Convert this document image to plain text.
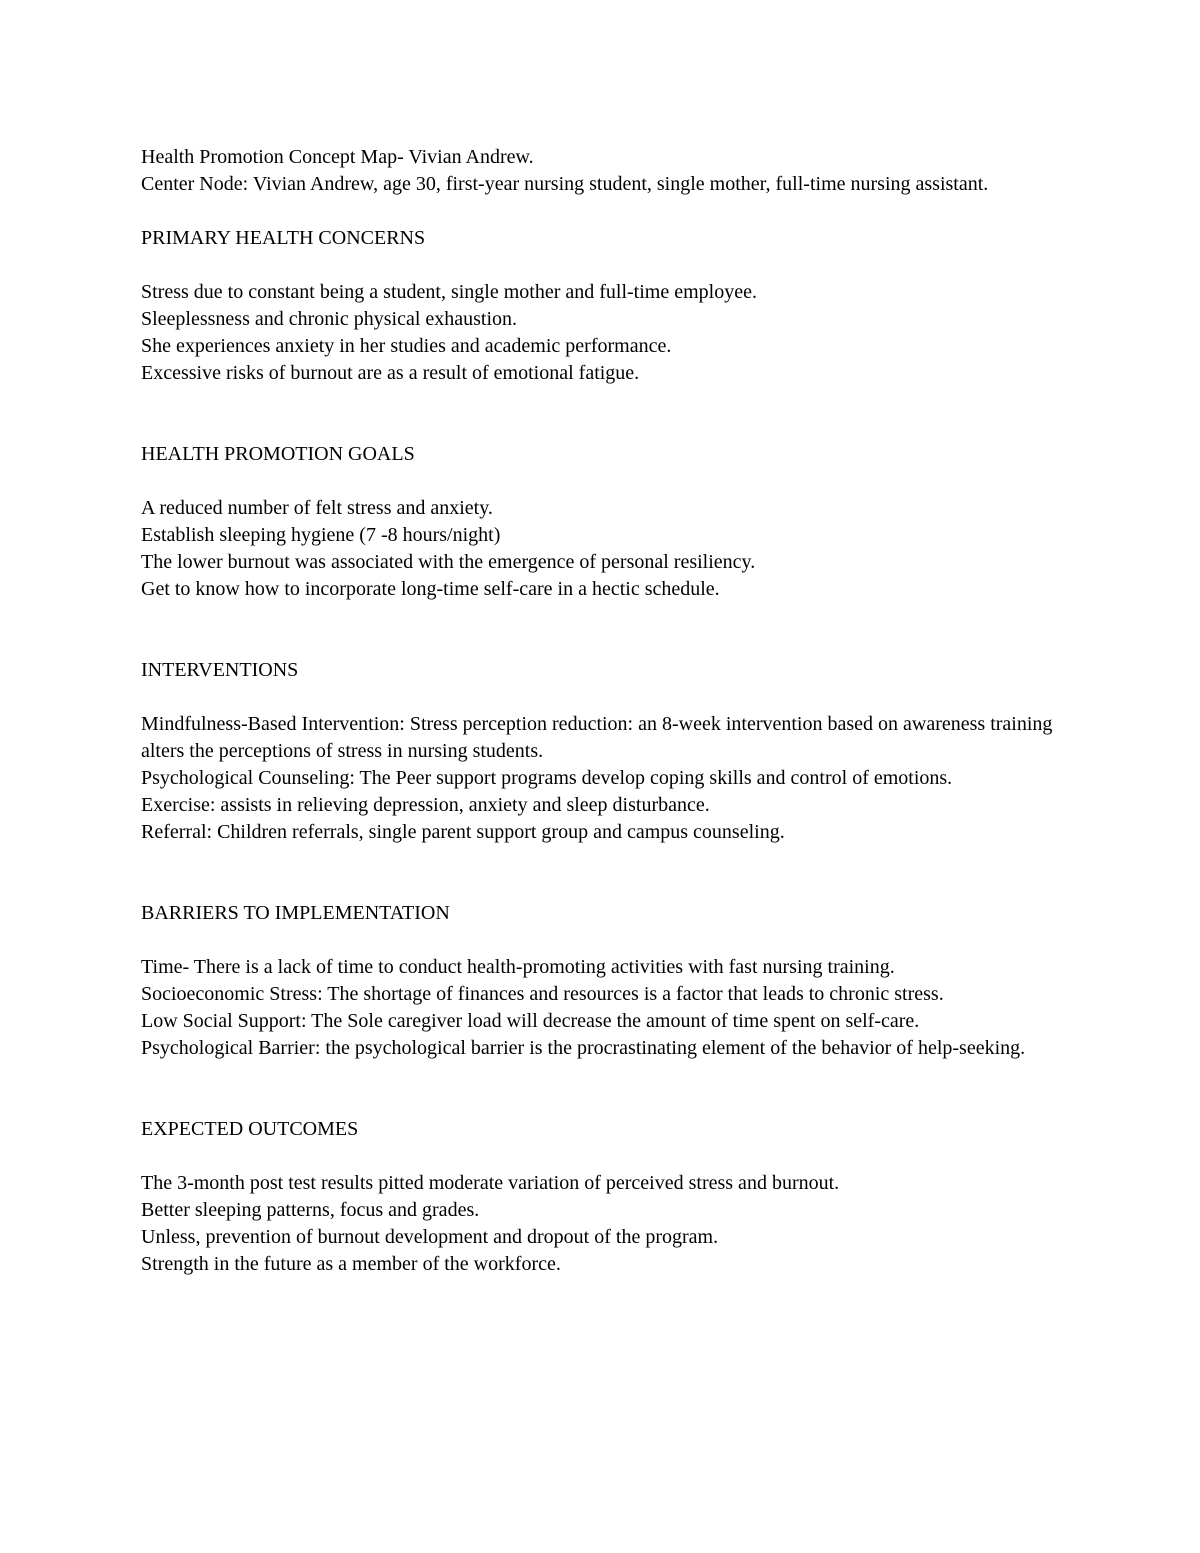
Health Promotion Concept Map- Vivian Andrew.

Center Node: Vivian Andrew, age 30, first-year nursing student, single mother, full-time nursing assistant.

PRIMARY HEALTH CONCERNS

Stress due to constant being a student, single mother and full-time employee.

Sleeplessness and chronic physical exhaustion.

She experiences anxiety in her studies and academic performance.

Excessive risks of burnout are as a result of emotional fatigue.

HEALTH PROMOTION GOALS

A reduced number of felt stress and anxiety.

Establish sleeping hygiene (7 -8 hours/night)

The lower burnout was associated with the emergence of personal resiliency.

Get to know how to incorporate long-time self-care in a hectic schedule.

INTERVENTIONS

Mindfulness-Based Intervention: Stress perception reduction: an 8-week intervention based on awareness training alters the perceptions of stress in nursing students.

Psychological Counseling: The Peer support programs develop coping skills and control of emotions.

Exercise: assists in relieving depression, anxiety and sleep disturbance.

Referral: Children referrals, single parent support group and campus counseling.

BARRIERS TO IMPLEMENTATION

Time- There is a lack of time to conduct health-promoting activities with fast nursing training.

Socioeconomic Stress: The shortage of finances and resources is a factor that leads to chronic stress.

Low Social Support: The Sole caregiver load will decrease the amount of time spent on self-care.

Psychological Barrier: the psychological barrier is the procrastinating element of the behavior of help-seeking.

EXPECTED OUTCOMES

The 3-month post test results pitted moderate variation of perceived stress and burnout.

Better sleeping patterns, focus and grades.

Unless, prevention of burnout development and dropout of the program.

Strength in the future as a member of the workforce.
